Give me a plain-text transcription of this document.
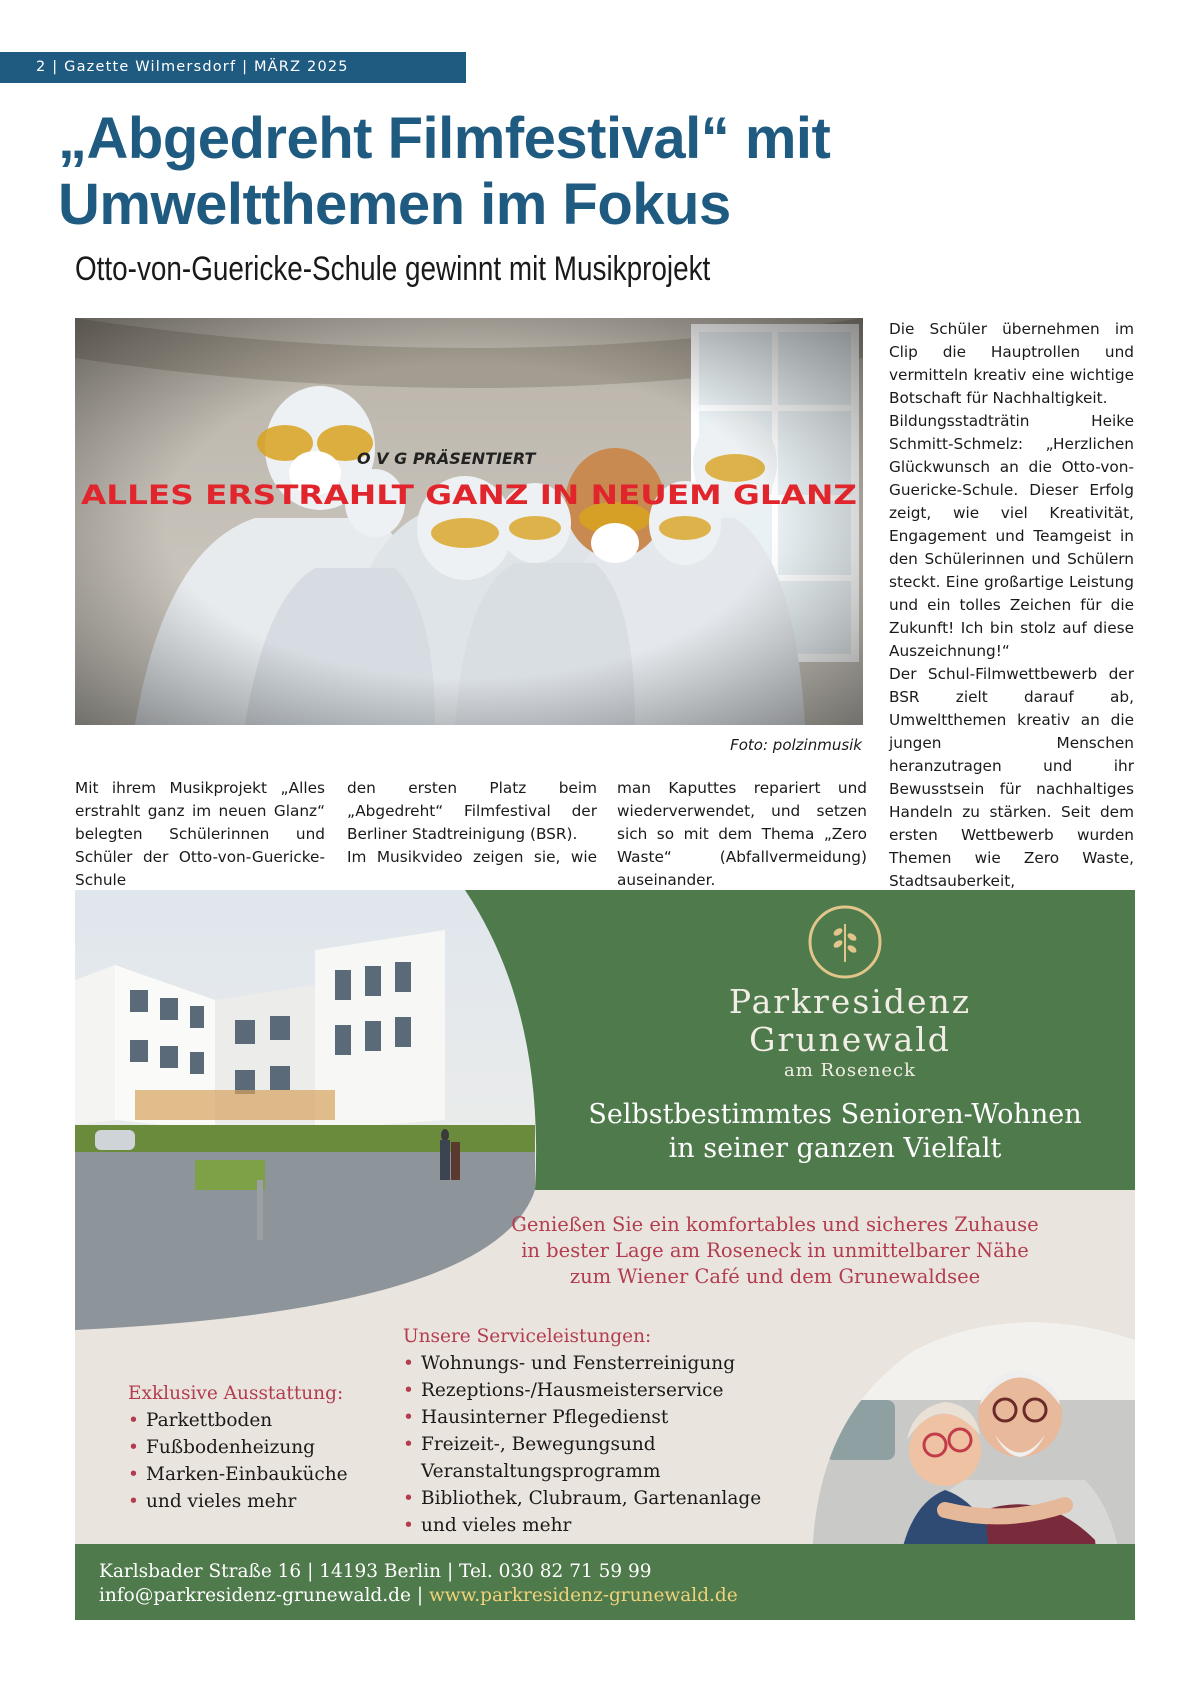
2 | Gazette Wilmersdorf | MÄRZ 2025
„Abgedreht Filmfestival“ mit
Umweltthemen im Fokus
Otto-von-Guericke-Schule gewinnt mit Musikprojekt
O V G PRÄSENTIERT
ALLES ERSTRAHLT GANZ IN NEUEM GLANZ
Foto: polzinmusik

Mit ihrem Musikprojekt „Alles erstrahlt ganz im neuen Glanz“ belegten Schülerinnen und Schüler der Otto-von-Guericke-Schule

den ersten Platz beim „Abgedreht“ Filmfestival der Berliner Stadtreinigung (BSR).

Im Musikvideo zeigen sie, wie

man Kaputtes repariert und wiederverwendet, und setzen sich so mit dem Thema „Zero Waste“ (Abfallvermeidung) auseinander.

Die Schüler übernehmen im Clip die Hauptrollen und vermitteln kreativ eine wichtige Botschaft für Nachhaltigkeit.

Bildungsstadträtin Heike Schmitt-Schmelz: „Herzlichen Glückwunsch an die Otto-von-Guericke-Schule. Dieser Erfolg zeigt, wie viel Kreativität, Engagement und Teamgeist in den Schülerinnen und Schülern steckt. Eine großartige Leistung und ein tolles Zeichen für die Zukunft! Ich bin stolz auf diese Auszeichnung!“

Der Schul-Filmwettbewerb der BSR zielt darauf ab, Umweltthemen kreativ an die jungen Menschen heranzutragen und ihr Bewusstsein für nachhaltiges Handeln zu stärken. Seit dem ersten Wettbewerb wurden Themen wie Zero Waste, Stadtsauberkeit,

Parkresidenz
Grunewald
am Roseneck
Selbstbestimmtes Senioren-Wohnen
in seiner ganzen Vielfalt
Genießen Sie ein komfortables und sicheres Zuhause
in bester Lage am Roseneck in unmittelbarer Nähe
zum Wiener Café und dem Grunewaldsee
Exklusive Ausstattung:
• Parkettboden
• Fußbodenheizung
• Marken-Einbauküche
• und vieles mehr
Unsere Serviceleistungen:
• Wohnungs- und Fensterreinigung
• Rezeptions-/Hausmeisterservice
• Hausinterner Pflegedienst
• Freizeit-, Bewegungsund Veranstaltungsprogramm
• Bibliothek, Clubraum, Gartenanlage
• und vieles mehr
Karlsbader Straße 16 | 14193 Berlin | Tel. 030 82 71 59 99
info@parkresidenz-grunewald.de | www.parkresidenz-grunewald.de
